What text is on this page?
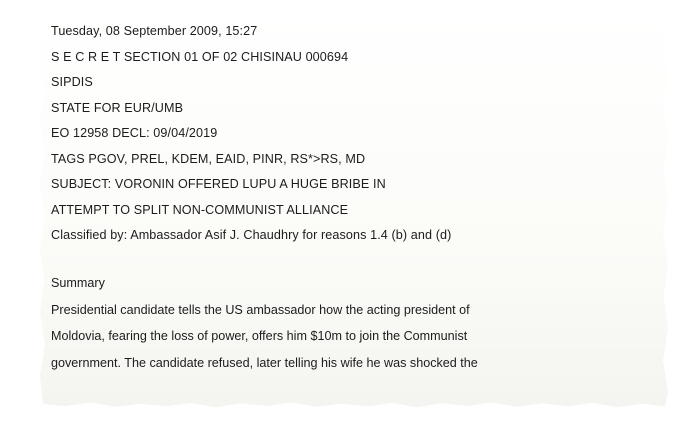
Tuesday, 08 September 2009, 15:27

S E C R E T SECTION 01 OF 02 CHISINAU 000694

SIPDIS

STATE FOR EUR/UMB

EO 12958 DECL: 09/04/2019

TAGS PGOV, PREL, KDEM, EAID, PINR, RS*>RS, MD

SUBJECT: VORONIN OFFERED LUPU A HUGE BRIBE IN

ATTEMPT TO SPLIT NON-COMMUNIST ALLIANCE

Classified by: Ambassador Asif J. Chaudhry for reasons 1.4 (b) and (d)

Summary

Presidential candidate tells the US ambassador how the acting president of

Moldovia, fearing the loss of power, offers him $10m to join the Communist

government. The candidate refused, later telling his wife he was shocked the
